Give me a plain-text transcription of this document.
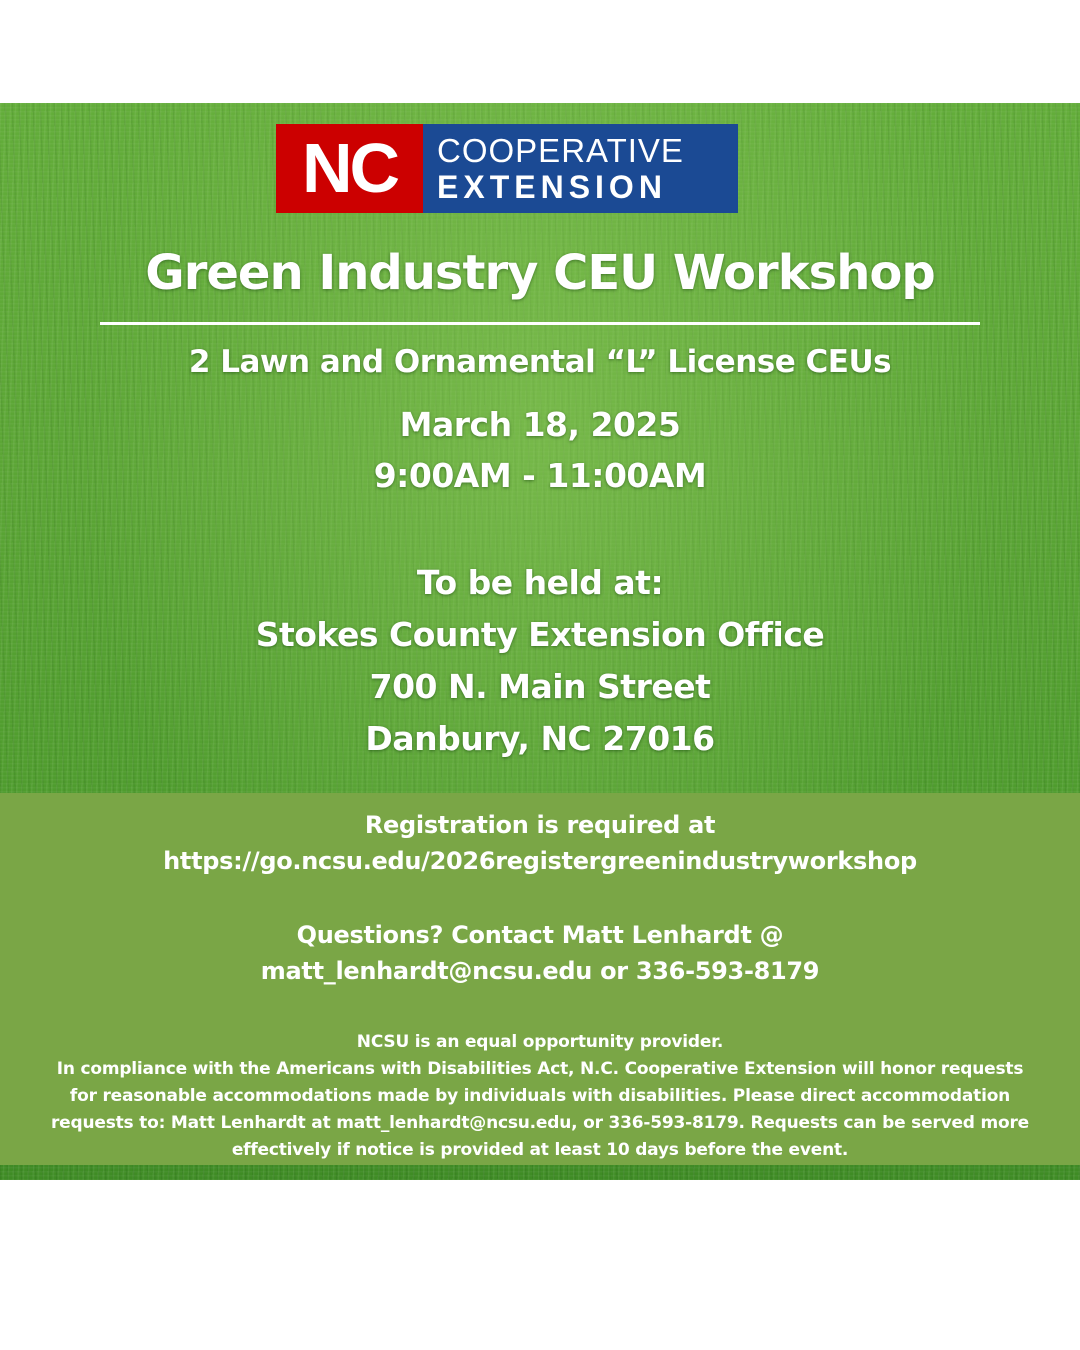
NC	COOPERATIVE
EXTENSION
Green Industry CEU Workshop
2 Lawn and Ornamental “L” License CEUs
March 18, 2025
9:00AM - 11:00AM
To be held at:
Stokes County Extension Office
700 N. Main Street
Danbury, NC 27016
Registration is required at
https://go.ncsu.edu/2026registergreenindustryworkshop
Questions? Contact Matt Lenhardt @
matt_lenhardt@ncsu.edu or 336-593-8179
NCSU is an equal opportunity provider.
In compliance with the Americans with Disabilities Act, N.C. Cooperative Extension will honor requests
for reasonable accommodations made by individuals with disabilities. Please direct accommodation
requests to: Matt Lenhardt at matt_lenhardt@ncsu.edu, or 336-593-8179. Requests can be served more
effectively if notice is provided at least 10 days before the event.
